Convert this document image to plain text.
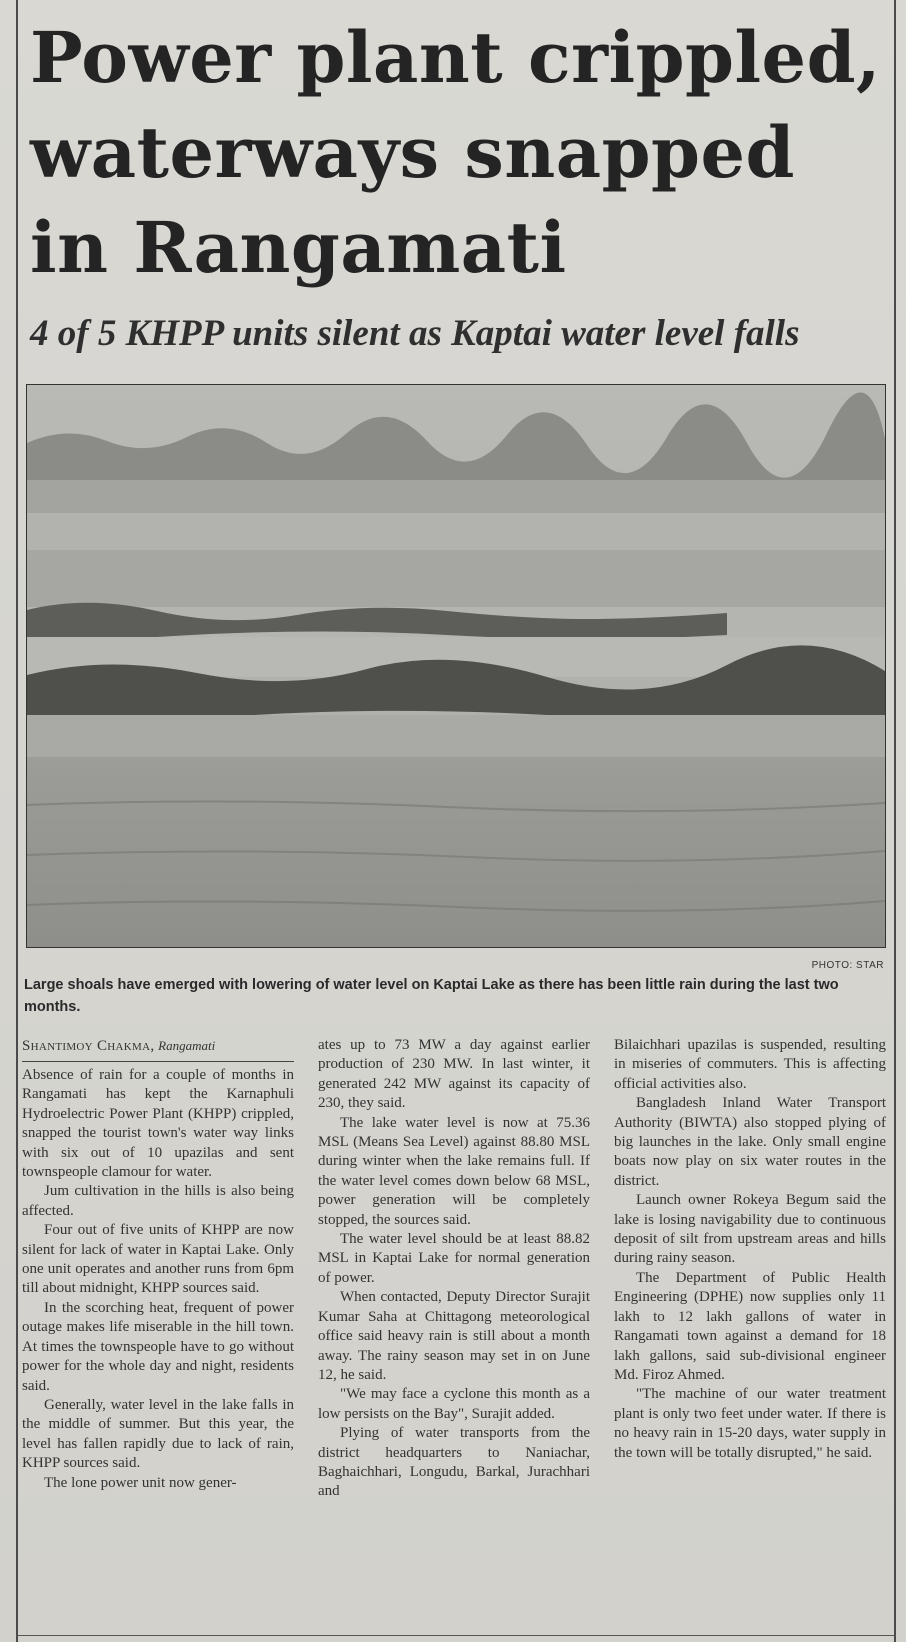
Power plant crippled, waterways snapped in Rangamati
4 of 5 KHPP units silent as Kaptai water level falls
PHOTO: STAR

Large shoals have emerged with lowering of water level on Kaptai Lake as there has been little rain during the last two months.

Shantimoy Chakma, Rangamati

Absence of rain for a couple of months in Rangamati has kept the Karnaphuli Hydroelectric Power Plant (KHPP) crippled, snapped the tourist town's water way links with six out of 10 upazilas and sent townspeople clamour for water.

Jum cultivation in the hills is also being affected.

Four out of five units of KHPP are now silent for lack of water in Kaptai Lake. Only one unit operates and another runs from 6pm till about midnight, KHPP sources said.

In the scorching heat, frequent of power outage makes life miserable in the hill town. At times the townspeople have to go without power for the whole day and night, residents said.

Generally, water level in the lake falls in the middle of summer. But this year, the level has fallen rapidly due to lack of rain, KHPP sources said.

The lone power unit now gener-

ates up to 73 MW a day against earlier production of 230 MW. In last winter, it generated 242 MW against its capacity of 230, they said.

The lake water level is now at 75.36 MSL (Means Sea Level) against 88.80 MSL during winter when the lake remains full. If the water level comes down below 68 MSL, power generation will be completely stopped, the sources said.

The water level should be at least 88.82 MSL in Kaptai Lake for normal generation of power.

When contacted, Deputy Director Surajit Kumar Saha at Chittagong meteorological office said heavy rain is still about a month away. The rainy season may set in on June 12, he said.

"We may face a cyclone this month as a low persists on the Bay", Surajit added.

Plying of water transports from the district headquarters to Naniachar, Baghaichhari, Longudu, Barkal, Jurachhari and

Bilaichhari upazilas is suspended, resulting in miseries of commuters. This is affecting official activities also.

Bangladesh Inland Water Transport Authority (BIWTA) also stopped plying of big launches in the lake. Only small engine boats now play on six water routes in the district.

Launch owner Rokeya Begum said the lake is losing navigability due to continuous deposit of silt from upstream areas and hills during rainy season.

The Department of Public Health Engineering (DPHE) now supplies only 11 lakh to 12 lakh gallons of water in Rangamati town against a demand for 18 lakh gallons, said sub-divisional engineer Md. Firoz Ahmed.

"The machine of our water treatment plant is only two feet under water. If there is no heavy rain in 15-20 days, water supply in the town will be totally disrupted," he said.
